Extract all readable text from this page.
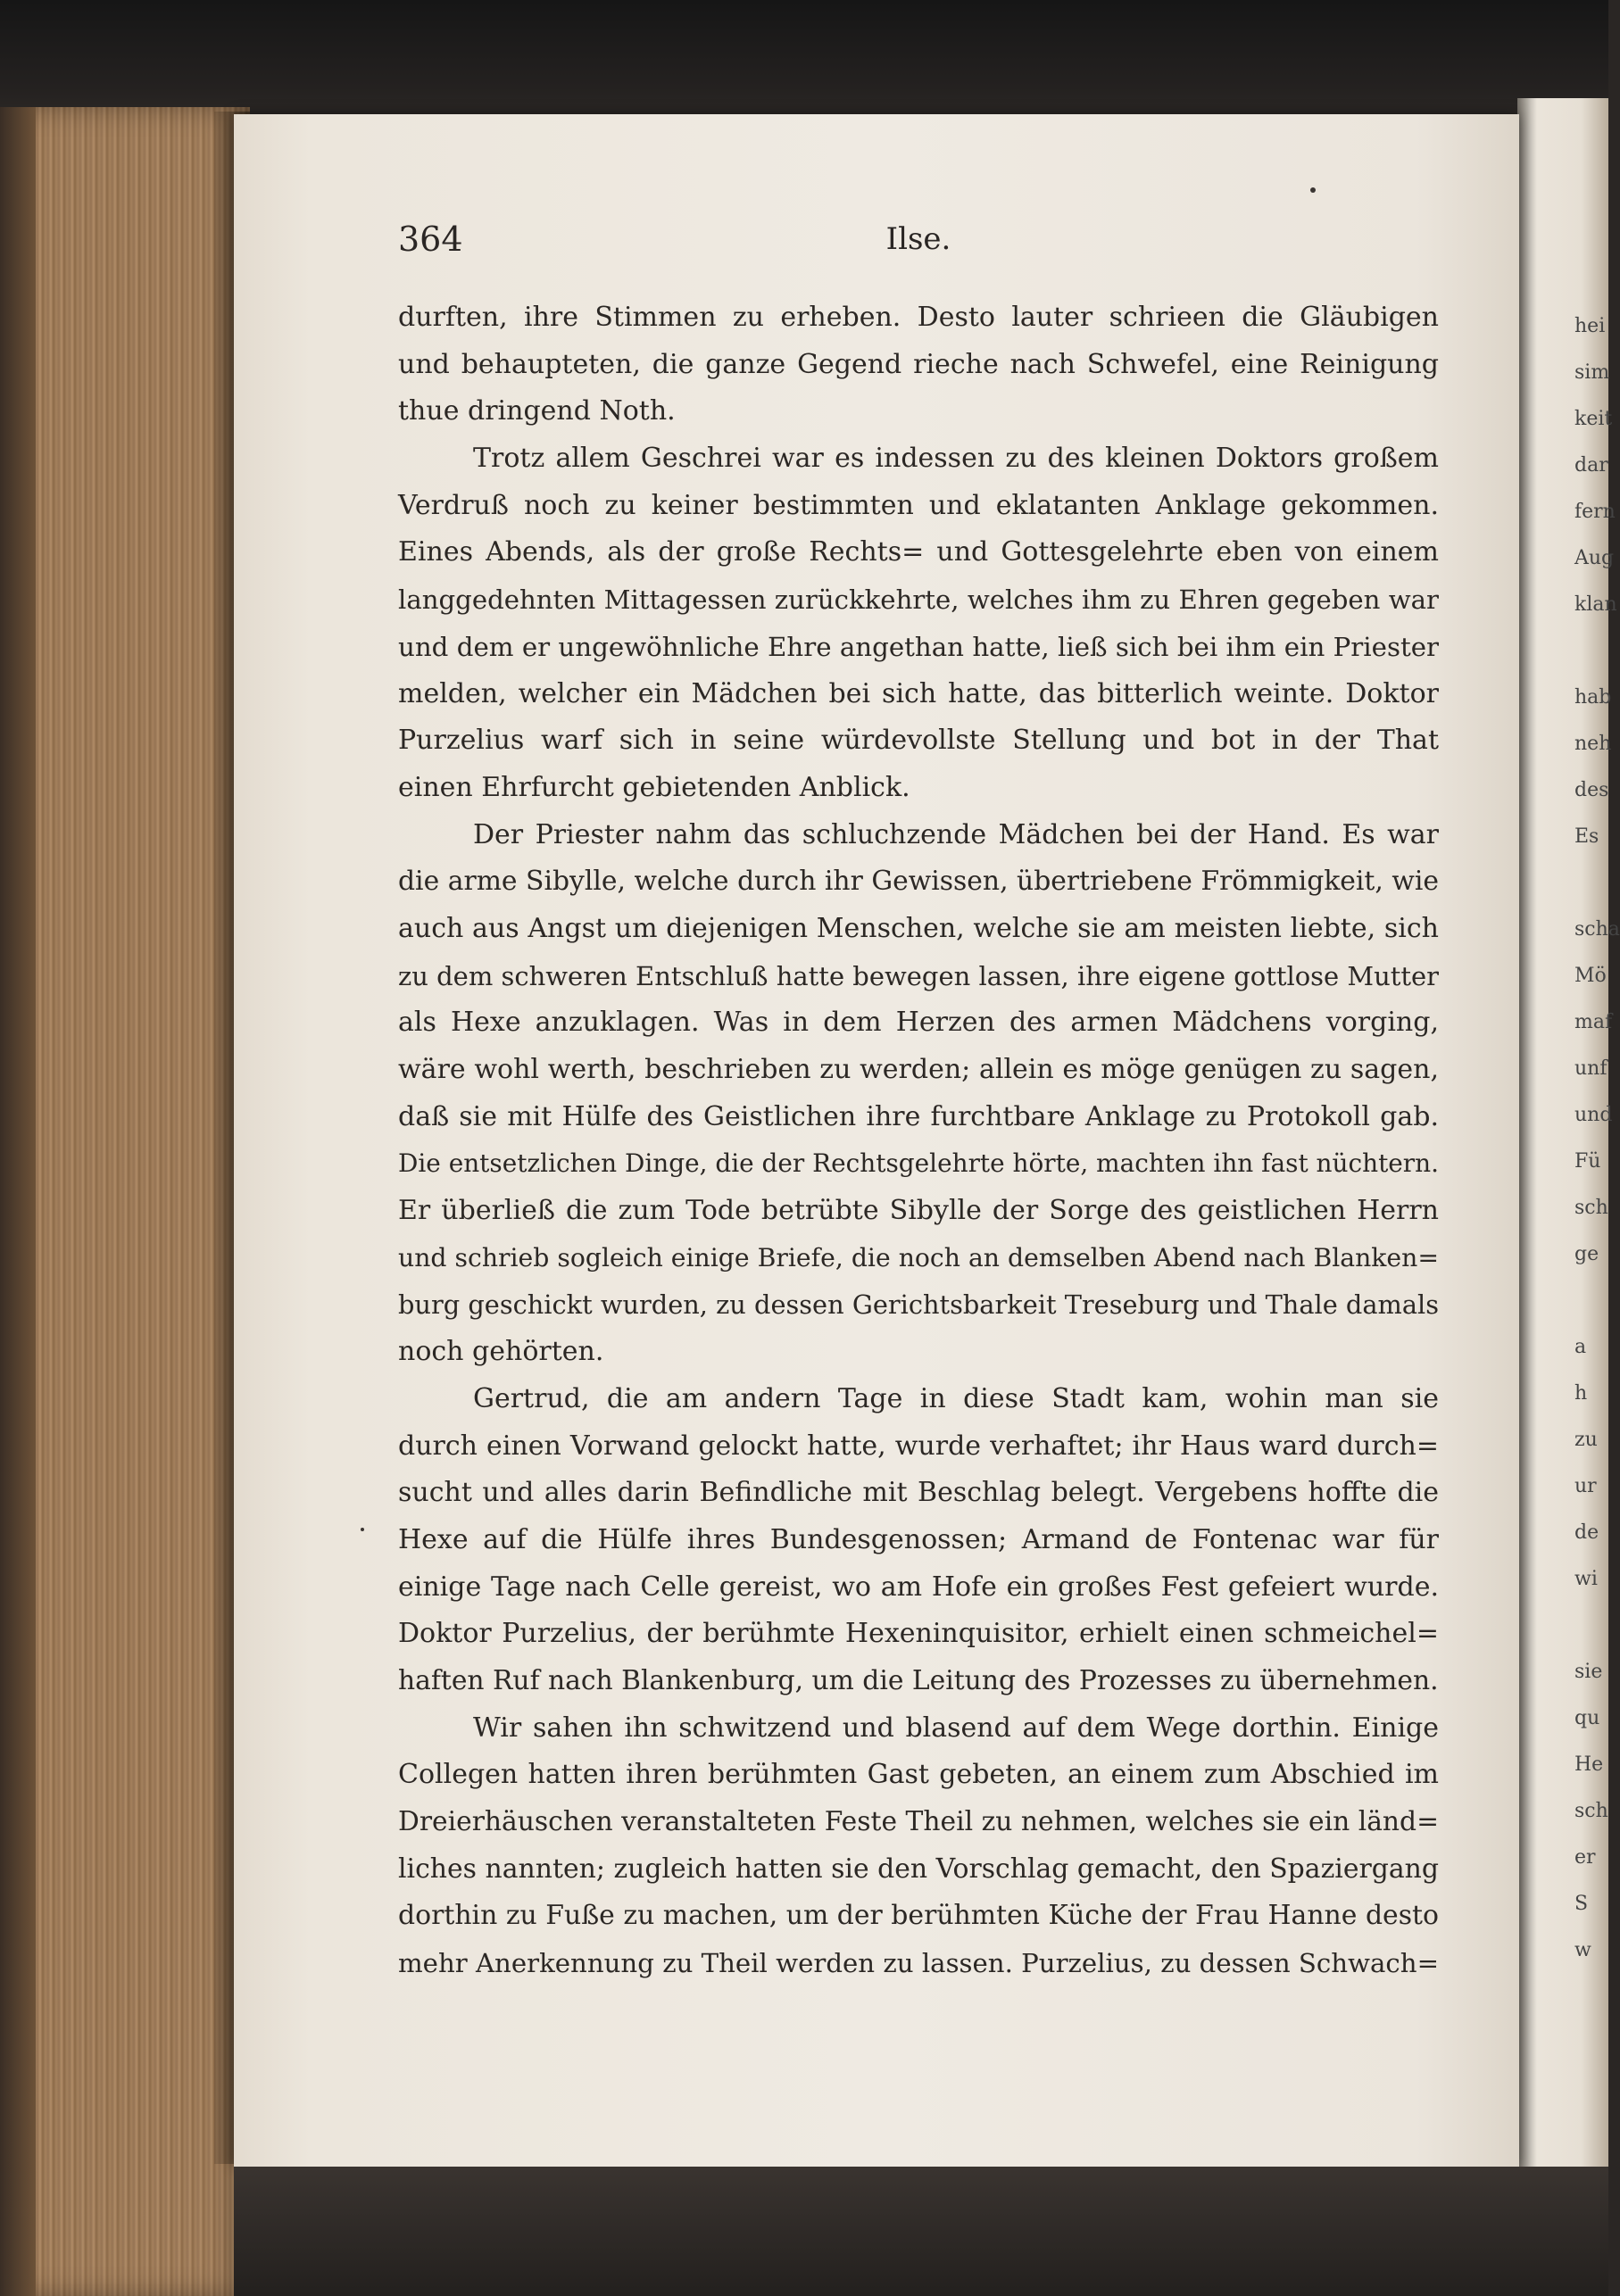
364	Ilse.
durften, ihre Stimmen zu erheben. Desto lauter schrieen die Gläubigen
und behaupteten, die ganze Gegend rieche nach Schwefel, eine Reinigung
thue dringend Noth.
Trotz allem Geschrei war es indessen zu des kleinen Doktors großem
Verdruß noch zu keiner bestimmten und eklatanten Anklage gekommen.
Eines Abends, als der große Rechts= und Gottesgelehrte eben von einem
langgedehnten Mittagessen zurückkehrte, welches ihm zu Ehren gegeben war
und dem er ungewöhnliche Ehre angethan hatte, ließ sich bei ihm ein Priester
melden, welcher ein Mädchen bei sich hatte, das bitterlich weinte. Doktor
Purzelius warf sich in seine würdevollste Stellung und bot in der That
einen Ehrfurcht gebietenden Anblick.
Der Priester nahm das schluchzende Mädchen bei der Hand. Es war
die arme Sibylle, welche durch ihr Gewissen, übertriebene Frömmigkeit, wie
auch aus Angst um diejenigen Menschen, welche sie am meisten liebte, sich
zu dem schweren Entschluß hatte bewegen lassen, ihre eigene gottlose Mutter
als Hexe anzuklagen. Was in dem Herzen des armen Mädchens vorging,
wäre wohl werth, beschrieben zu werden; allein es möge genügen zu sagen,
daß sie mit Hülfe des Geistlichen ihre furchtbare Anklage zu Protokoll gab.
Die entsetzlichen Dinge, die der Rechtsgelehrte hörte, machten ihn fast nüchtern.
Er überließ die zum Tode betrübte Sibylle der Sorge des geistlichen Herrn
und schrieb sogleich einige Briefe, die noch an demselben Abend nach Blanken=
burg geschickt wurden, zu dessen Gerichtsbarkeit Treseburg und Thale damals
noch gehörten.
Gertrud, die am andern Tage in diese Stadt kam, wohin man sie
durch einen Vorwand gelockt hatte, wurde verhaftet; ihr Haus ward durch=
sucht und alles darin Befindliche mit Beschlag belegt. Vergebens hoffte die
Hexe auf die Hülfe ihres Bundesgenossen; Armand de Fontenac war für
einige Tage nach Celle gereist, wo am Hofe ein großes Fest gefeiert wurde.
Doktor Purzelius, der berühmte Hexeninquisitor, erhielt einen schmeichel=
haften Ruf nach Blankenburg, um die Leitung des Prozesses zu übernehmen.
Wir sahen ihn schwitzend und blasend auf dem Wege dorthin. Einige
Collegen hatten ihren berühmten Gast gebeten, an einem zum Abschied im
Dreierhäuschen veranstalteten Feste Theil zu nehmen, welches sie ein länd=
liches nannten; zugleich hatten sie den Vorschlag gemacht, den Spaziergang
dorthin zu Fuße zu machen, um der berühmten Küche der Frau Hanne desto
mehr Anerkennung zu Theil werden zu lassen. Purzelius, zu dessen Schwach=
hei
sim
keit
dar
fern
Aug
klan
hab
neh
des
Es
scha
Mö
maf
unf
und
Fü
sch
ge
a
h
zu
ur
de
wi
sie
qu
He
sch
er
S
w
